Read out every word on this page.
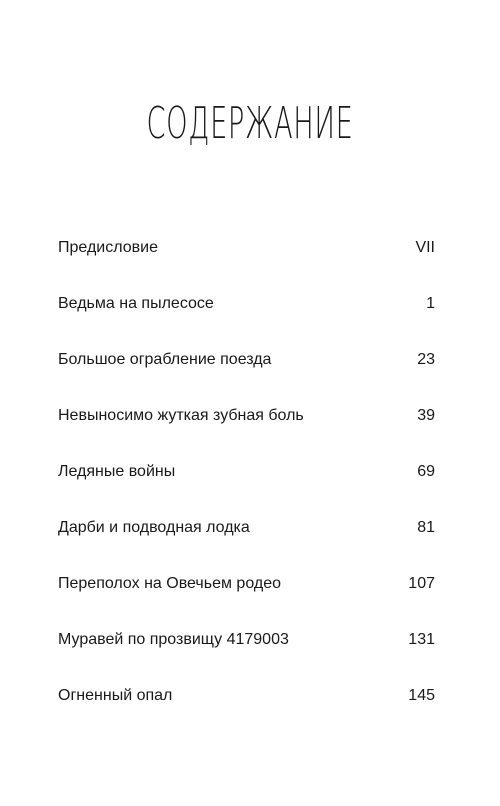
СОДЕРЖАНИЕ
Предисловие	VII
Ведьма на пылесосе	1
Большое ограбление поезда	23
Невыносимо жуткая зубная боль	39
Ледяные войны	69
Дарби и подводная лодка	81
Переполох на Овечьем родео	107
Муравей по прозвищу 4179003	131
Огненный опал	145
